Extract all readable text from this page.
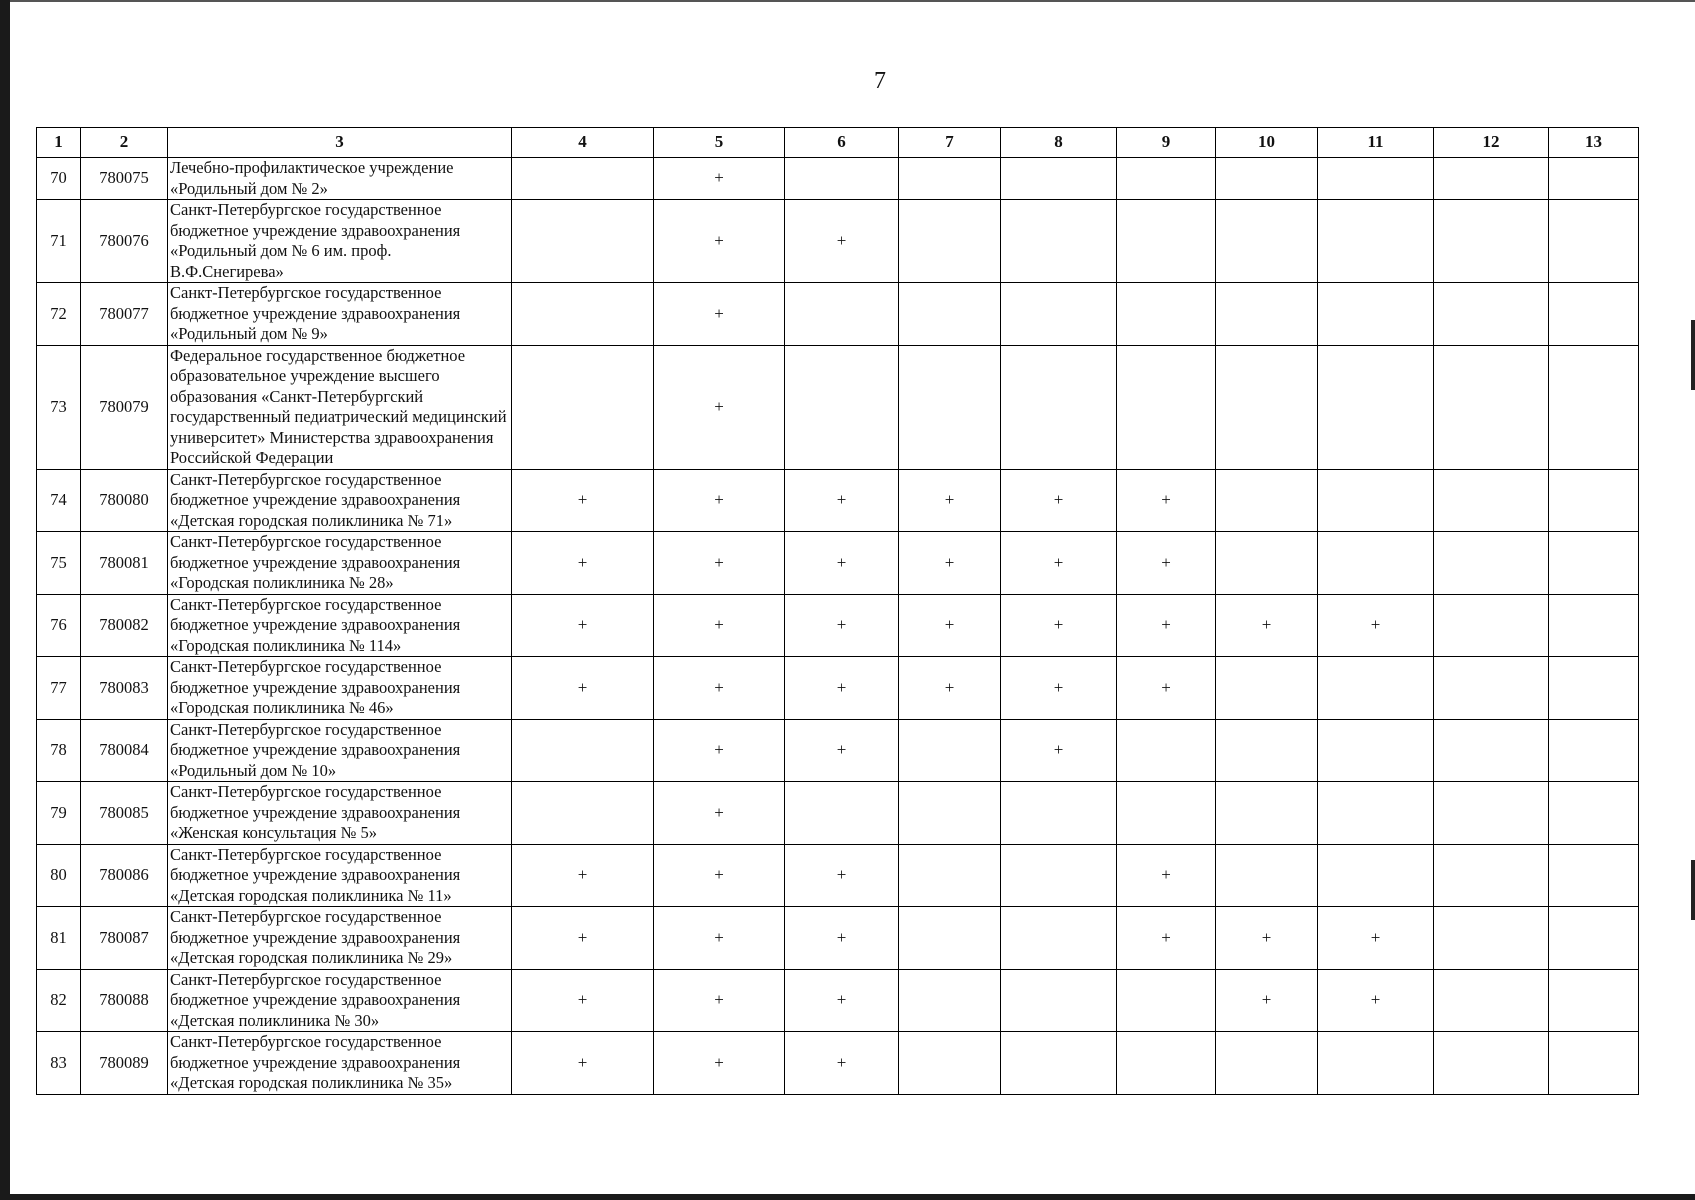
7
1	2	3	4	5	6	7	8	9	10	11	12	13
70	780075	Лечебно-профилактическое учреждение «Родильный дом № 2»		+								
71	780076	Санкт-Петербургское государственное бюджетное учреждение здравоохранения «Родильный дом № 6 им. проф. В.Ф.Снегирева»		+	+							
72	780077	Санкт-Петербургское государственное бюджетное учреждение здравоохранения «Родильный дом № 9»		+								
73	780079	Федеральное государственное бюджетное образовательное учреждение высшего образования «Санкт-Петербургский государственный педиатрический медицинский университет» Министерства здравоохранения Российской Федерации		+								
74	780080	Санкт-Петербургское государственное бюджетное учреждение здравоохранения «Детская городская поликлиника № 71»	+	+	+	+	+	+				
75	780081	Санкт-Петербургское государственное бюджетное учреждение здравоохранения «Городская поликлиника № 28»	+	+	+	+	+	+				
76	780082	Санкт-Петербургское государственное бюджетное учреждение здравоохранения «Городская поликлиника № 114»	+	+	+	+	+	+	+	+		
77	780083	Санкт-Петербургское государственное бюджетное учреждение здравоохранения «Городская поликлиника № 46»	+	+	+	+	+	+				
78	780084	Санкт-Петербургское государственное бюджетное учреждение здравоохранения «Родильный дом № 10»		+	+		+					
79	780085	Санкт-Петербургское государственное бюджетное учреждение здравоохранения «Женская консультация № 5»		+								
80	780086	Санкт-Петербургское государственное бюджетное учреждение здравоохранения «Детская городская поликлиника № 11»	+	+	+			+				
81	780087	Санкт-Петербургское государственное бюджетное учреждение здравоохранения «Детская городская поликлиника № 29»	+	+	+			+	+	+		
82	780088	Санкт-Петербургское государственное бюджетное учреждение здравоохранения «Детская поликлиника № 30»	+	+	+				+	+		
83	780089	Санкт-Петербургское государственное бюджетное учреждение здравоохранения «Детская городская поликлиника № 35»	+	+	+							
